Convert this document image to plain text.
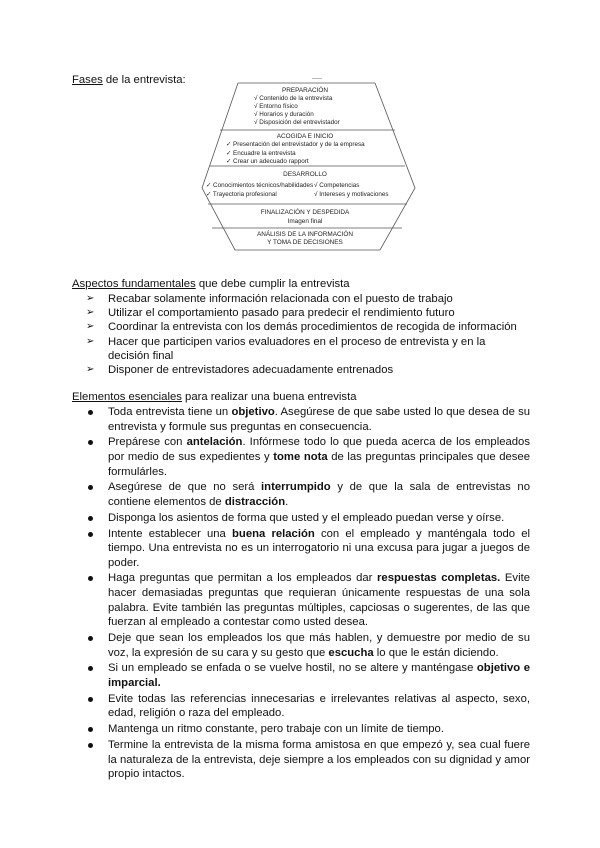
Fases de la entrevista:
PREPARACIÓN
√ Contenido de la entrevista
√ Entorno físico
√ Horarios y duración
√ Disposición del entrevistador
ACOGIDA E INICIO
✓ Presentación del entrevistador y de la empresa
✓ Encuadre la entrevista
✓ Crear un adecuado rapport
DESARROLLO
✓ Conocimientos técnicos/habilidades
✓ Trayectoria profesional
√ Competencias
√ Intereses y motivaciones
FINALIZACIÓN Y DESPEDIDA
Imagen final
ANÁLISIS DE LA INFORMACIÓN
Y TOMA DE DECISIONES
Aspectos fundamentales que debe cumplir la entrevista
➢ Recabar solamente información relacionada con el puesto de trabajo
➢ Utilizar el comportamiento pasado para predecir el rendimiento futuro
➢ Coordinar la entrevista con los demás procedimientos de recogida de información
➢ Hacer que participen varios evaluadores en el proceso de entrevista y en la decisión final
➢ Disponer de entrevistadores adecuadamente entrenados
Elementos esenciales para realizar una buena entrevista
Toda entrevista tiene un objetivo. Asegúrese de que sabe usted lo que desea de su entrevista y formule sus preguntas en consecuencia.
Prepárese con antelación. Infórmese todo lo que pueda acerca de los empleados por medio de sus expedientes y tome nota de las preguntas principales que desee formulárles.
Asegúrese de que no será interrumpido y de que la sala de entrevistas no contiene elementos de distracción.
Disponga los asientos de forma que usted y el empleado puedan verse y oírse.
Intente establecer una buena relación con el empleado y manténgala todo el tiempo. Una entrevista no es un interrogatorio ni una excusa para jugar a juegos de poder.
Haga preguntas que permitan a los empleados dar respuestas completas. Evite hacer demasiadas preguntas que requieran únicamente respuestas de una sola palabra. Evite también las preguntas múltiples, capciosas o sugerentes, de las que fuerzan al empleado a contestar como usted desea.
Deje que sean los empleados los que más hablen, y demuestre por medio de su voz, la expresión de su cara y su gesto que escucha lo que le están diciendo.
Si un empleado se enfada o se vuelve hostil, no se altere y manténgase objetivo e imparcial.
Evite todas las referencias innecesarias e irrelevantes relativas al aspecto, sexo, edad, religión o raza del empleado.
Mantenga un ritmo constante, pero trabaje con un límite de tiempo.
Termine la entrevista de la misma forma amistosa en que empezó y, sea cual fuere la naturaleza de la entrevista, deje siempre a los empleados con su dignidad y amor propio intactos.
